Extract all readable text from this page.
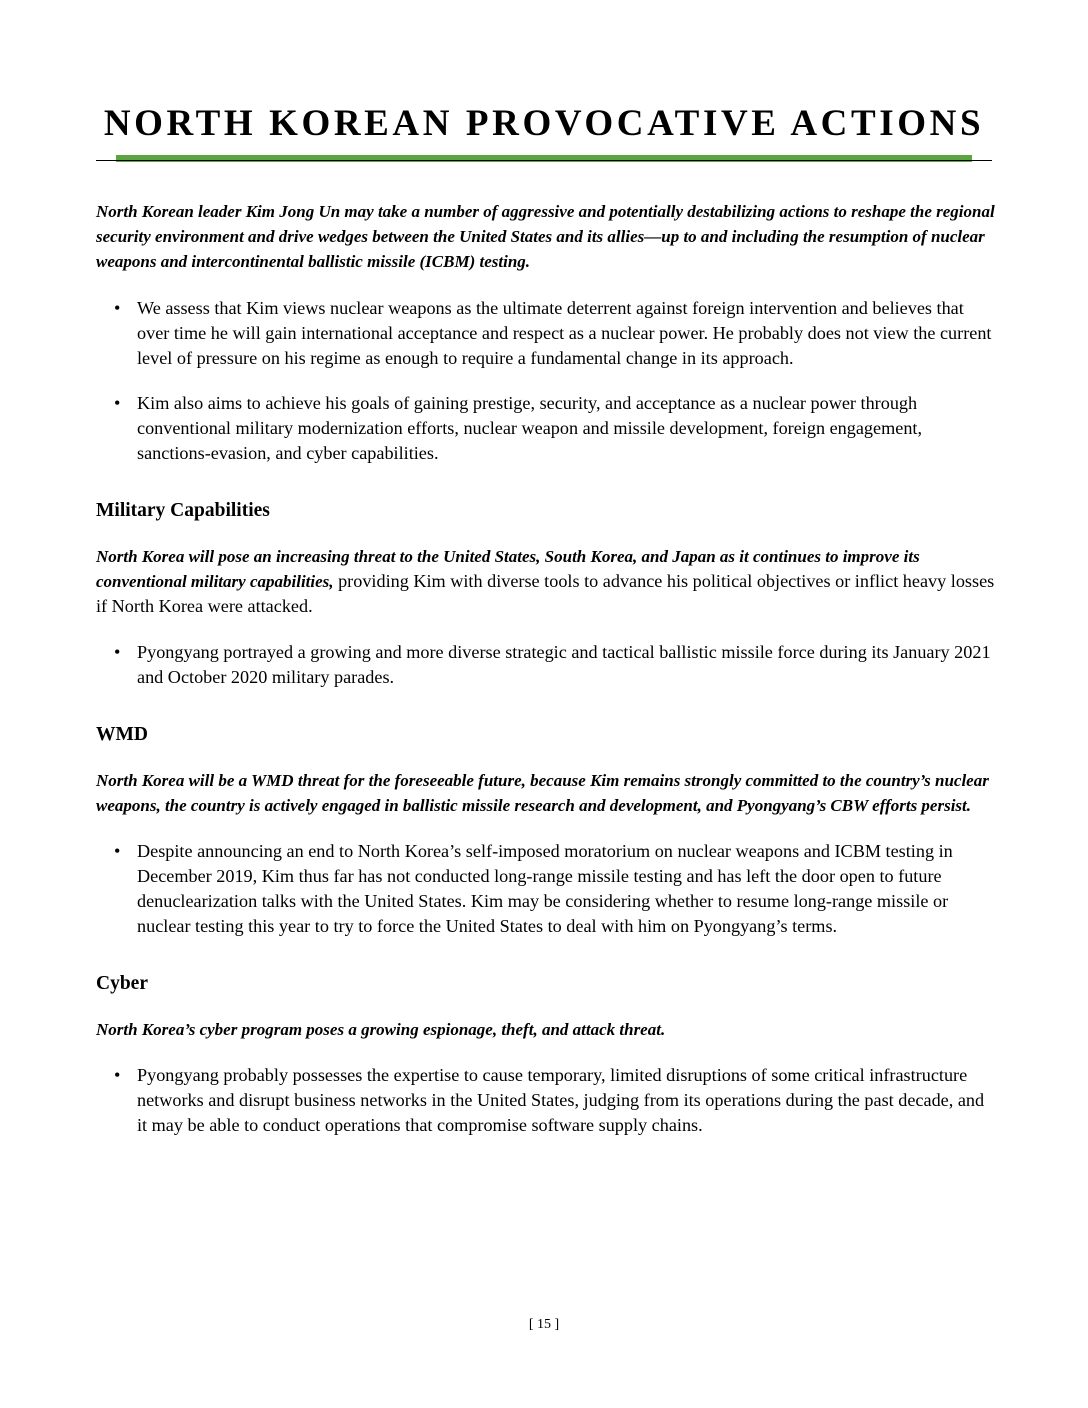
NORTH KOREAN PROVOCATIVE ACTIONS

North Korean leader Kim Jong Un may take a number of aggressive and potentially destabilizing actions to reshape the regional security environment and drive wedges between the United States and its allies—up to and including the resumption of nuclear weapons and intercontinental ballistic missile (ICBM) testing.

• We assess that Kim views nuclear weapons as the ultimate deterrent against foreign intervention and believes that over time he will gain international acceptance and respect as a nuclear power. He probably does not view the current level of pressure on his regime as enough to require a fundamental change in its approach.
• Kim also aims to achieve his goals of gaining prestige, security, and acceptance as a nuclear power through conventional military modernization efforts, nuclear weapon and missile development, foreign engagement, sanctions-evasion, and cyber capabilities.
Military Capabilities

North Korea will pose an increasing threat to the United States, South Korea, and Japan as it continues to improve its conventional military capabilities, providing Kim with diverse tools to advance his political objectives or inflict heavy losses if North Korea were attacked.

• Pyongyang portrayed a growing and more diverse strategic and tactical ballistic missile force during its January 2021 and October 2020 military parades.
WMD

North Korea will be a WMD threat for the foreseeable future, because Kim remains strongly committed to the country’s nuclear weapons, the country is actively engaged in ballistic missile research and development, and Pyongyang’s CBW efforts persist.

• Despite announcing an end to North Korea’s self-imposed moratorium on nuclear weapons and ICBM testing in December 2019, Kim thus far has not conducted long-range missile testing and has left the door open to future denuclearization talks with the United States. Kim may be considering whether to resume long-range missile or nuclear testing this year to try to force the United States to deal with him on Pyongyang’s terms.
Cyber

North Korea’s cyber program poses a growing espionage, theft, and attack threat.

• Pyongyang probably possesses the expertise to cause temporary, limited disruptions of some critical infrastructure networks and disrupt business networks in the United States, judging from its operations during the past decade, and it may be able to conduct operations that compromise software supply chains.
[ 15 ]
